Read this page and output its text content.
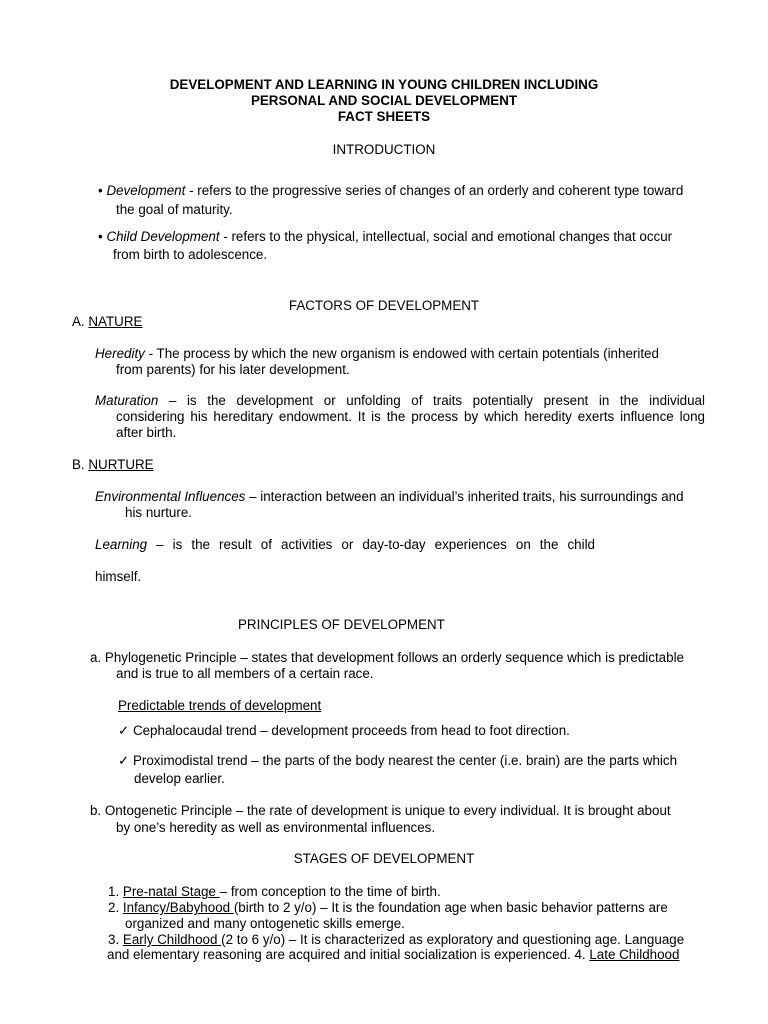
DEVELOPMENT AND LEARNING IN YOUNG CHILDREN INCLUDING
PERSONAL AND SOCIAL DEVELOPMENT
FACT SHEETS
INTRODUCTION
• Development - refers to the progressive series of changes of an orderly and coherent type toward
the goal of maturity.
• Child Development - refers to the physical, intellectual, social and emotional changes that occur
from birth to adolescence.
FACTORS OF DEVELOPMENT
A. NATURE
Heredity - The process by which the new organism is endowed with certain potentials (inherited
from parents) for his later development.
Maturation – is the development or unfolding of traits potentially present in the individual
considering his hereditary endowment. It is the process by which heredity exerts influence long
after birth.
B. NURTURE
Environmental Influences – interaction between an individual’s inherited traits, his surroundings and
his nurture.
Learning – is the result of activities or day-to-day experiences on the child
himself.
PRINCIPLES OF DEVELOPMENT
a. Phylogenetic Principle – states that development follows an orderly sequence which is predictable
and is true to all members of a certain race.
Predictable trends of development
✓ Cephalocaudal trend – development proceeds from head to foot direction.
✓ Proximodistal trend – the parts of the body nearest the center (i.e. brain) are the parts which
develop earlier.
b. Ontogenetic Principle – the rate of development is unique to every individual. It is brought about
by one’s heredity as well as environmental influences.
STAGES OF DEVELOPMENT
1. Pre-natal Stage – from conception to the time of birth.
2. Infancy/Babyhood (birth to 2 y/o) – It is the foundation age when basic behavior patterns are
organized and many ontogenetic skills emerge.
3. Early Childhood (2 to 6 y/o) – It is characterized as exploratory and questioning age. Language
and elementary reasoning are acquired and initial socialization is experienced. 4. Late Childhood
